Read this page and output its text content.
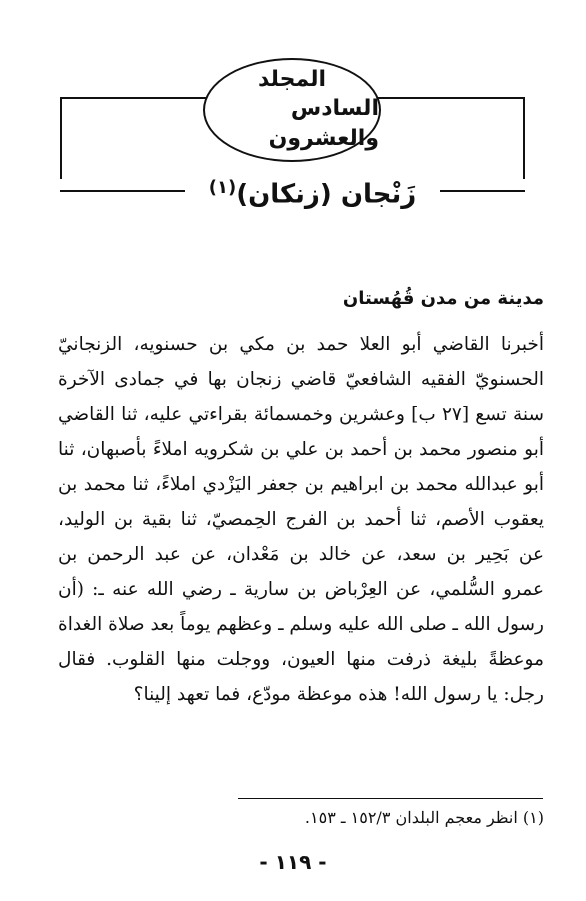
المجلد
السادس والعشرون
زَنْجان (زنكان)$^{(١)}$
مدينة من مدن قُهُستان

أخبرنا القاضي أبو العلا حمد بن مكي بن حسنويه، الزنجانيّ الحسنويّ الفقيه الشافعيّ قاضي زنجان بها في جمادى الآخرة سنة تسع [٢٧ ب] وعشرين وخمسمائة بقراءتي عليه، ثنا القاضي أبو منصور محمد بن أحمد بن علي بن شكرويه املاءً بأصبهان، ثنا أبو عبدالله محمد بن ابراهيم بن جعفر اليَزْدي املاءً، ثنا محمد بن يعقوب الأصم، ثنا أحمد بن الفرج الحِمصيّ، ثنا بقية بن الوليد، عن بَحِير بن سعد، عن خالد بن مَعْدان، عن عبد الرحمن بن عمرو السُّلمي، عن العِرْباض بن سارية ـ رضي الله عنه ـ: (أن رسول الله ـ صلى الله عليه وسلم ـ وعظهم يوماً بعد صلاة الغداة موعظةً بليغة ذرفت منها العيون، ووجلت منها القلوب. فقال رجل: يا رسول الله! هذه موعظة مودّع، فما تعهد إلينا؟

(١) انظر معجم البلدان ١٥٢/٣ ـ ١٥٣.
- ١١٩ -
